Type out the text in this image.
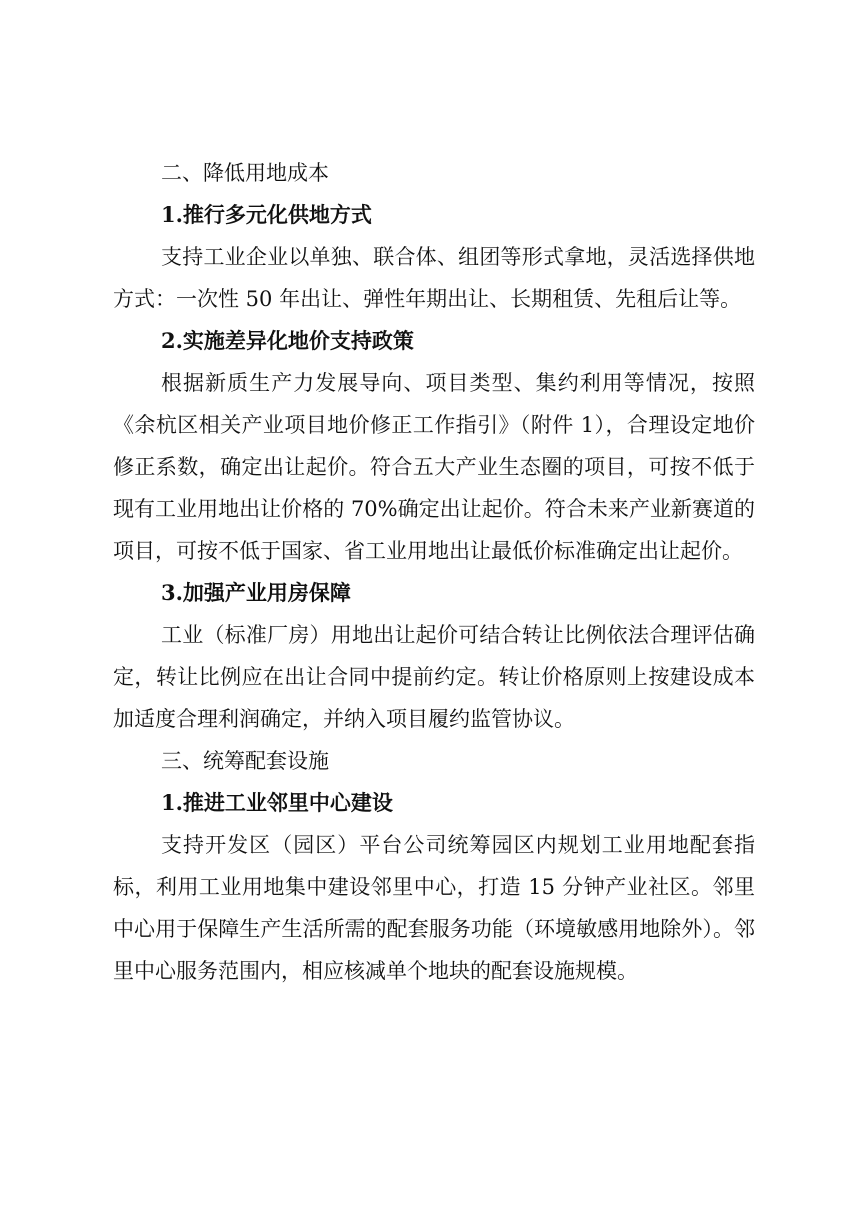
二、降低用地成本

1.推行多元化供地方式

支持工业企业以单独、联合体、组团等形式拿地，灵活选择供地方式：一次性 50 年出让、弹性年期出让、长期租赁、先租后让等。

2.实施差异化地价支持政策

根据新质生产力发展导向、项目类型、集约利用等情况，按照《余杭区相关产业项目地价修正工作指引》（附件 1），合理设定地价修正系数，确定出让起价。符合五大产业生态圈的项目，可按不低于现有工业用地出让价格的 70%确定出让起价。符合未来产业新赛道的项目，可按不低于国家、省工业用地出让最低价标准确定出让起价。

3.加强产业用房保障

工业（标准厂房）用地出让起价可结合转让比例依法合理评估确定，转让比例应在出让合同中提前约定。转让价格原则上按建设成本加适度合理利润确定，并纳入项目履约监管协议。

三、统筹配套设施

1.推进工业邻里中心建设

支持开发区（园区）平台公司统筹园区内规划工业用地配套指标，利用工业用地集中建设邻里中心，打造 15 分钟产业社区。邻里中心用于保障生产生活所需的配套服务功能（环境敏感用地除外）。邻里中心服务范围内，相应核减单个地块的配套设施规模。
